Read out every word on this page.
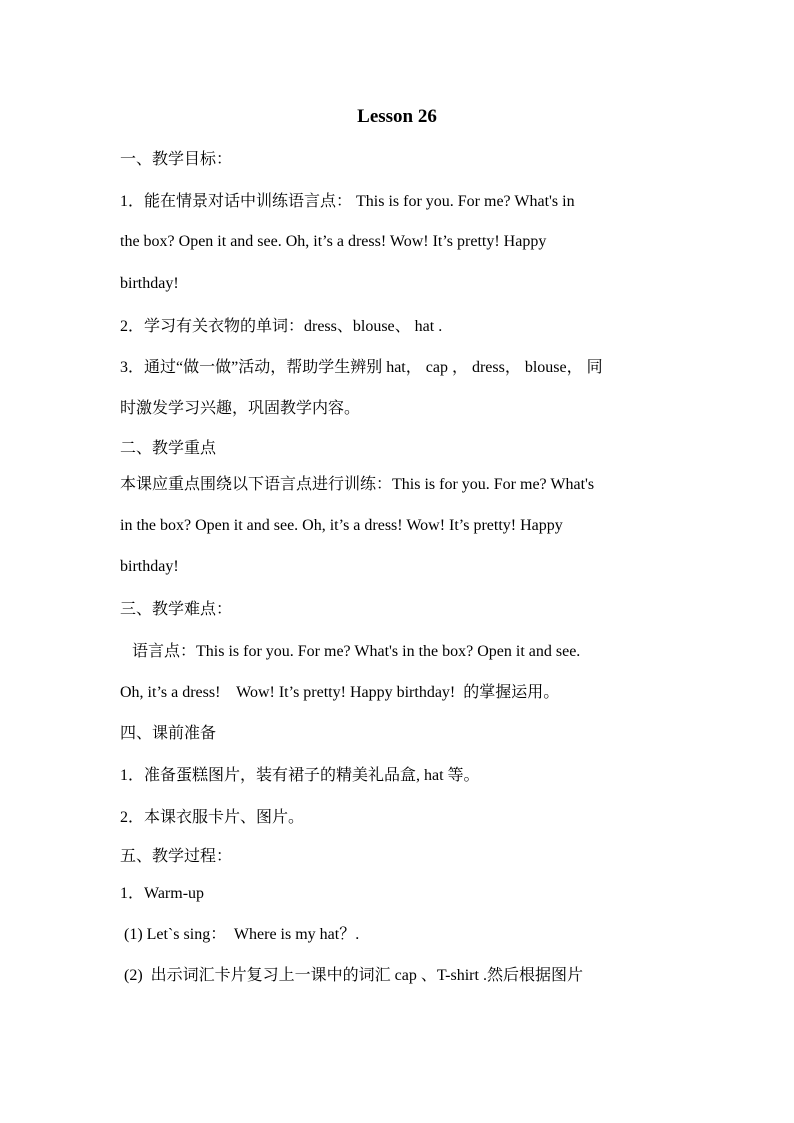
Lesson 26
一、教学目标：
1．能在情景对话中训练语言点： This is for you. For me? What's in
the box? Open it and see. Oh, it’s a dress! Wow! It’s pretty! Happy
birthday!
2．学习有关衣物的单词：dress、blouse、 hat .
3．通过“做一做”活动，帮助学生辨别 hat， cap ， dress， blouse， 同
时激发学习兴趣，巩固教学内容。
二、教学重点
本课应重点围绕以下语言点进行训练：This is for you. For me? What's
in the box? Open it and see. Oh, it’s a dress! Wow! It’s pretty! Happy
birthday!
三、教学难点：
语言点：This is for you. For me? What's in the box? Open it and see.
Oh, it’s a dress!    Wow! It’s pretty! Happy birthday!  的掌握运用。
四、课前准备
1．准备蛋糕图片，装有裙子的精美礼品盒, hat 等。
2．本课衣服卡片、图片。
五、教学过程：
1．Warm-up
(1) Let`s sing：  Where is my hat？.
(2)  出示词汇卡片复习上一课中的词汇 cap 、T-shirt .然后根据图片
